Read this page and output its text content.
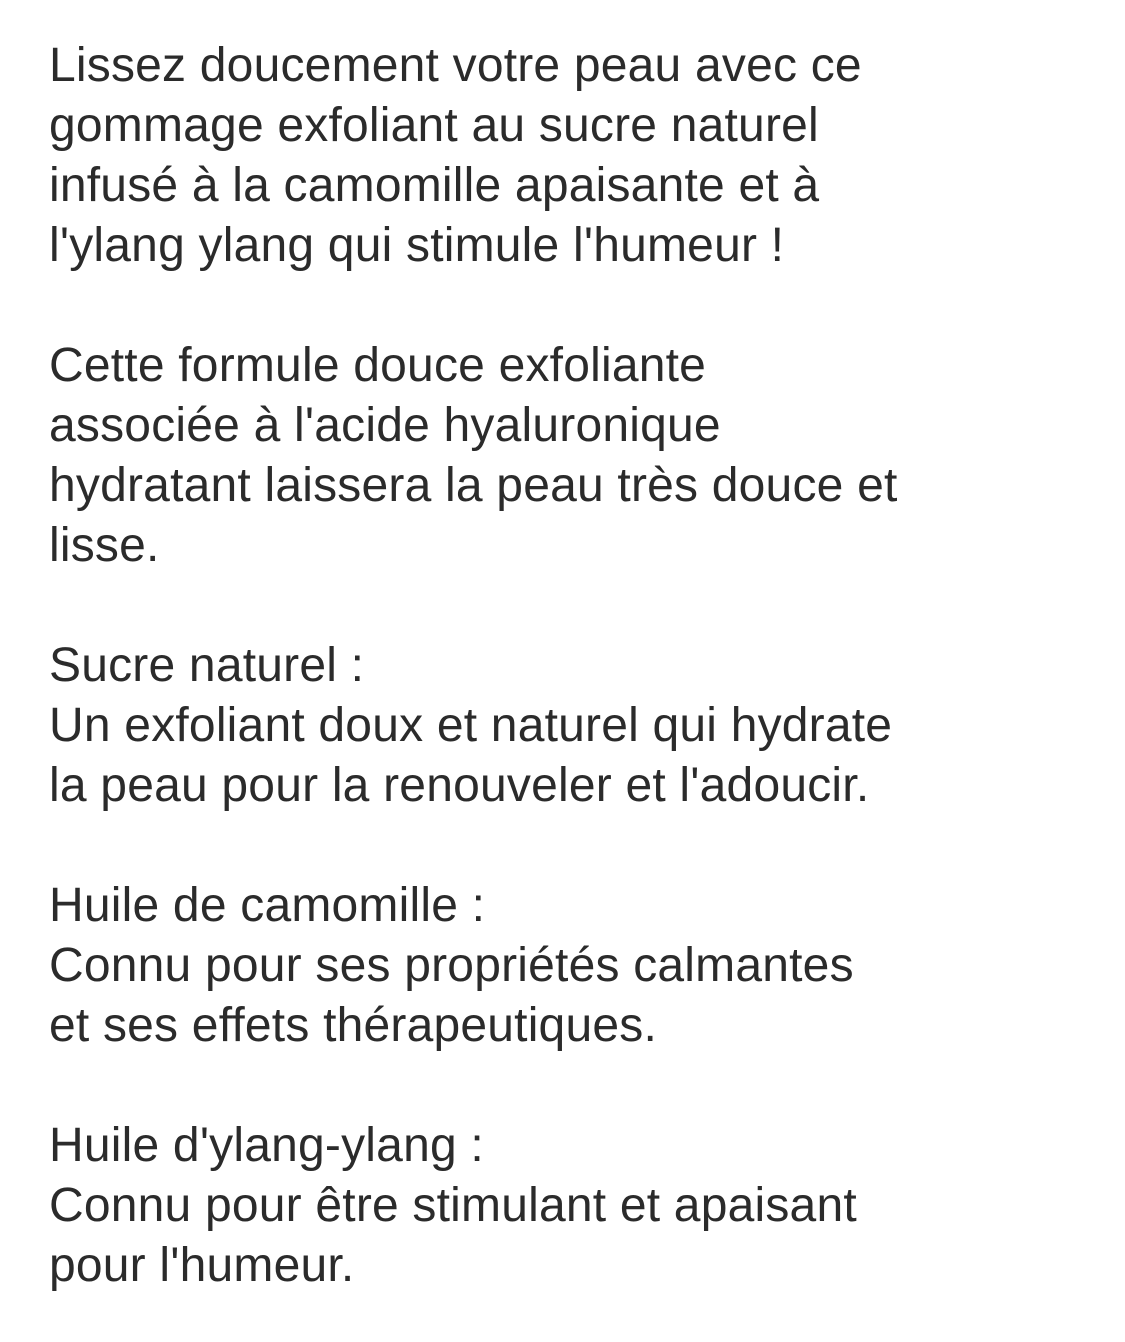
Lissez doucement votre peau avec ce
gommage exfoliant au sucre naturel
infusé à la camomille apaisante et à
l'ylang ylang qui stimule l'humeur !
Cette formule douce exfoliante
associée à l'acide hyaluronique
hydratant laissera la peau très douce et
lisse.
Sucre naturel :
Un exfoliant doux et naturel qui hydrate
la peau pour la renouveler et l'adoucir.
Huile de camomille :
Connu pour ses propriétés calmantes
et ses effets thérapeutiques.
Huile d'ylang-ylang :
Connu pour être stimulant et apaisant
pour l'humeur.
